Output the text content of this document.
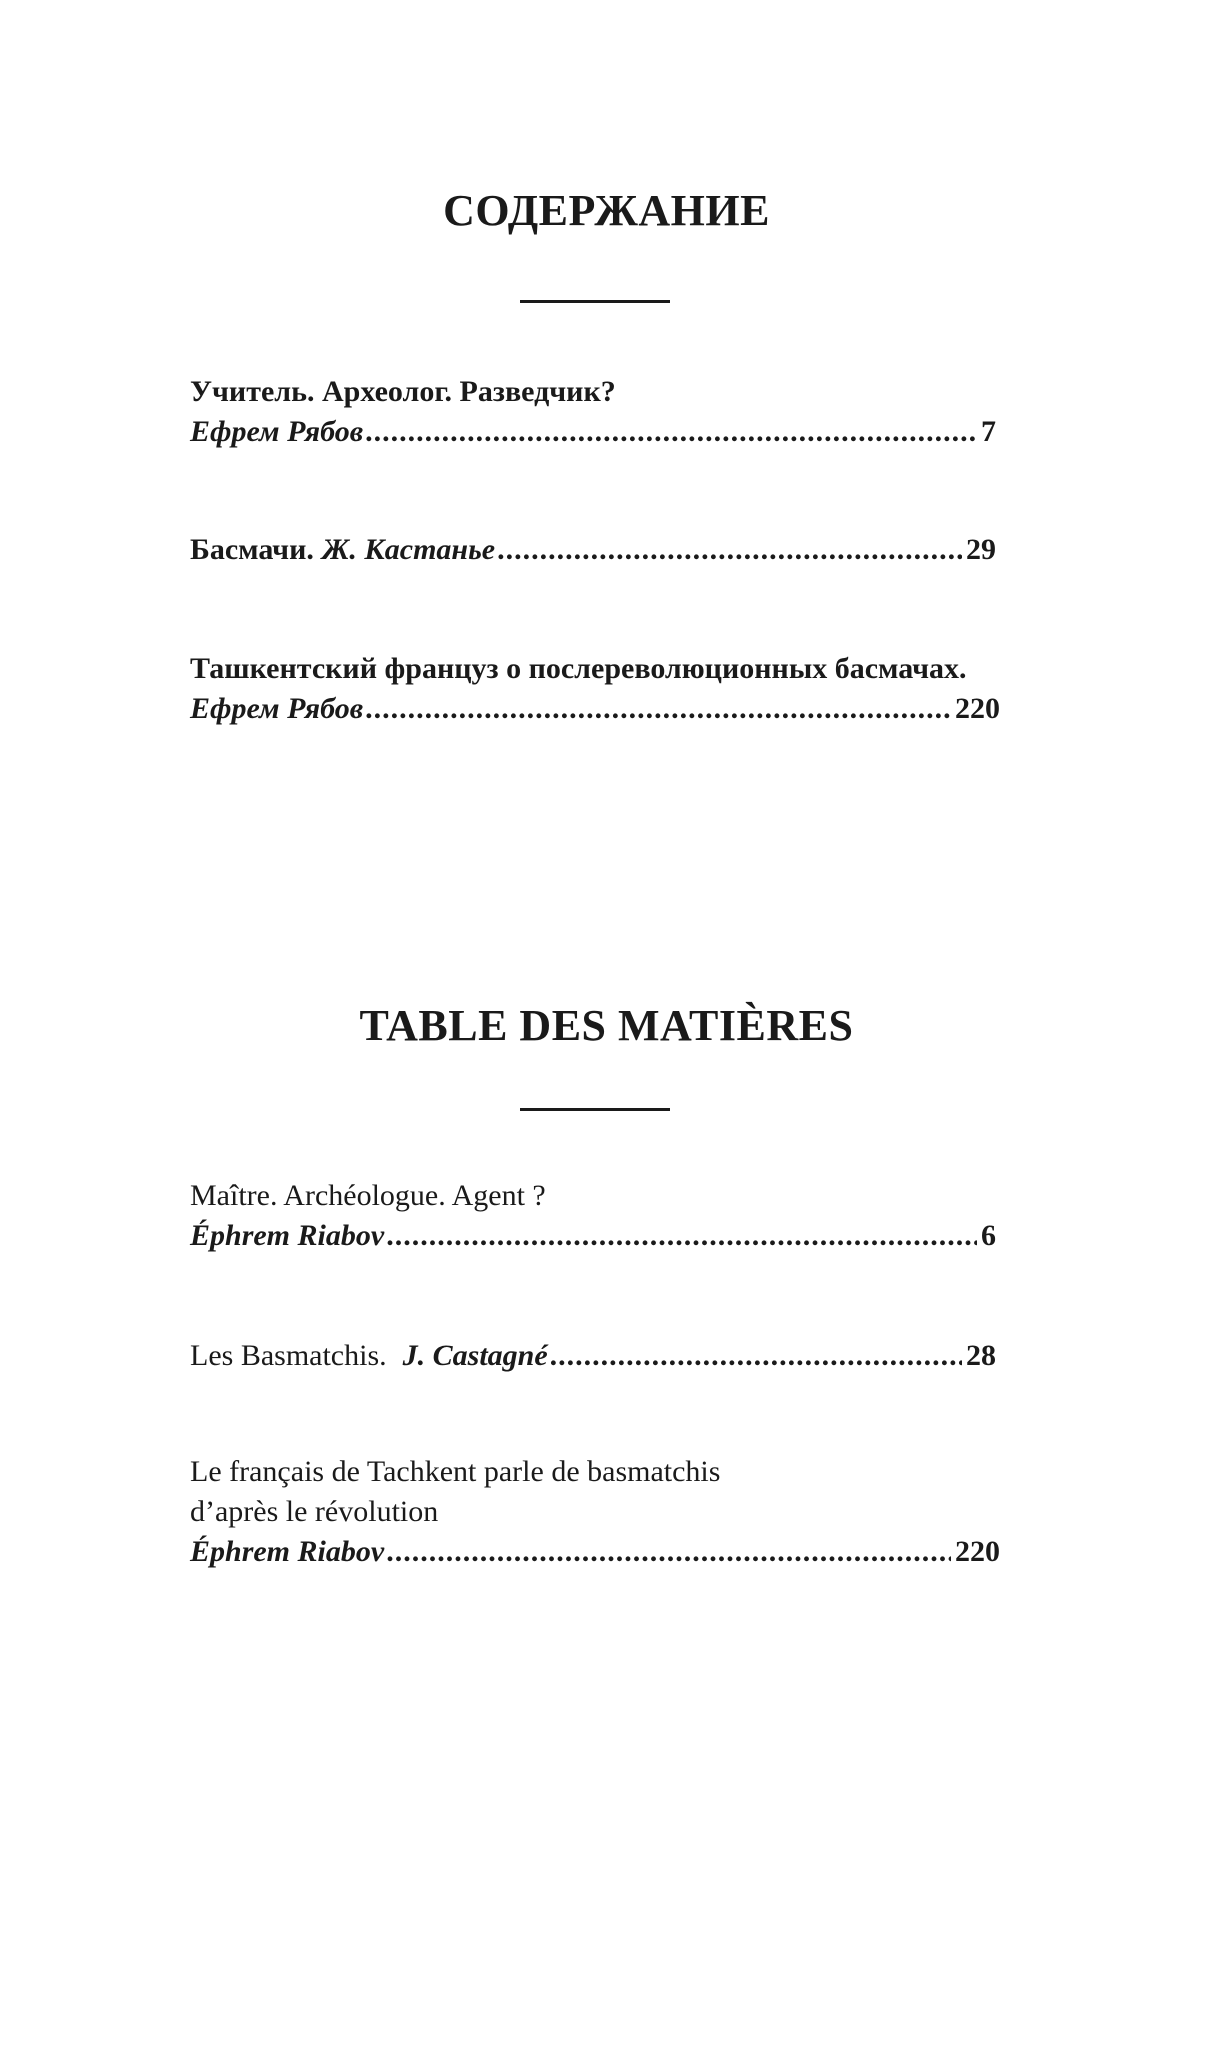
СОДЕРЖАНИЕ
Учитель. Археолог. Разведчик?
Ефрем Рябов .....	7
Басмачи. Ж. Кастанье .....	29
Ташкентский француз о послереволюционных басмачах.
Ефрем Рябов .....	220
TABLE DES MATIÈRES
Maître. Archéologue. Agent ?
Éphrem Riabov .....	6
Les Basmatchis. J. Castagné .....	28
Le français de Tachkent parle de basmatchis
d’après le révolution
Éphrem Riabov .....	220
